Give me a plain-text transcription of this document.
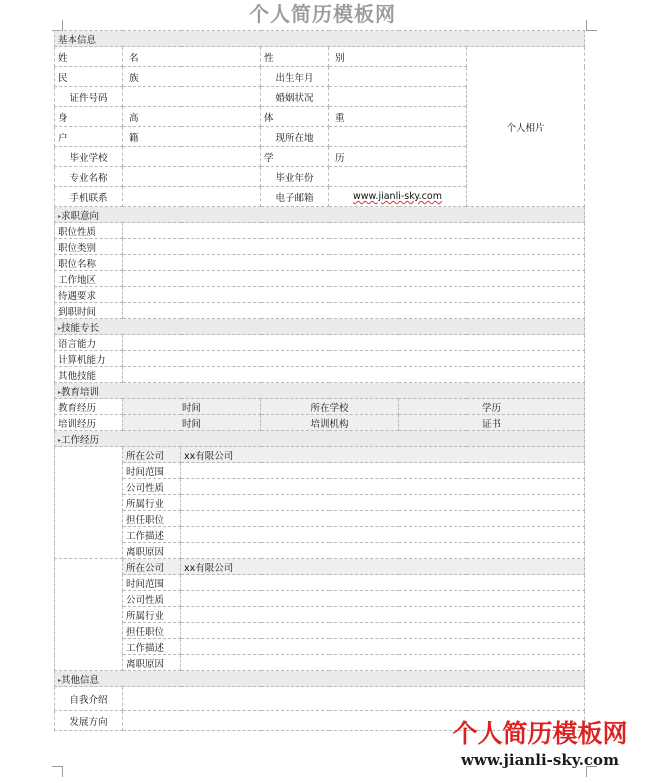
个人简历模板网
基本信息						
姓　名			性　别			个人相片
民　族			出生年月			
证件号码			婚姻状况			
身　高			体　重			
户　籍			现所在地			
毕业学校			学　历			
专业名称			毕业年份			
手机联系			电子邮箱	www.jianli-sky.com		
▸求职意向						
职位性质						
职位类别						
职位名称						
工作地区						
待遇要求						
到职时间						
▸技能专长						
语言能力						
计算机能力						
其他技能						
▸教育培训						
教育经历	时间		所在学校		学历	
培训经历	时间		培训机构		证书	
▸工作经历						
	所在公司	xx有限公司				
	时间范围					
	公司性质					
	所属行业					
	担任职位					
	工作描述					
	离职原因					
	所在公司	xx有限公司				
	时间范围					
	公司性质					
	所属行业					
	担任职位					
	工作描述					
	离职原因					
▸其他信息						
自我介绍						
发展方向							个人简历模板网
www.jianli-sky.com
